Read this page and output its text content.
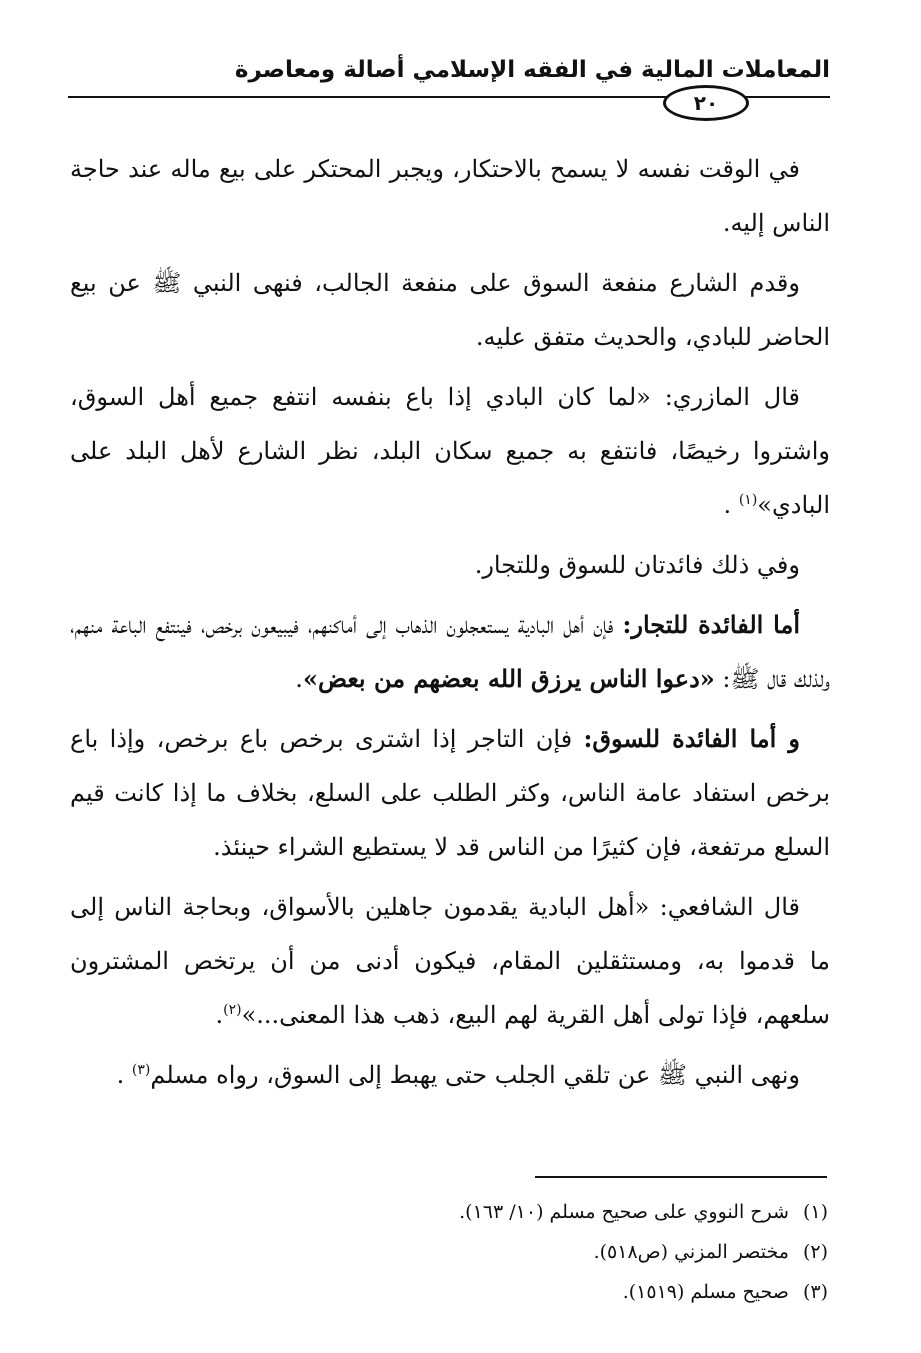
المعاملات المالية في الفقه الإسلامي أصالة ومعاصرة
٢٠

في الوقت نفسه لا يسمح بالاحتكار، ويجبر المحتكر على بيع ماله عند حاجة الناس إليه.

وقدم الشارع منفعة السوق على منفعة الجالب، فنهى النبي ﷺ عن بيع الحاضر للبادي، والحديث متفق عليه.

قال المازري: «لما كان البادي إذا باع بنفسه انتفع جميع أهل السوق، واشتروا رخيصًا، فانتفع به جميع سكان البلد، نظر الشارع لأهل البلد على البادي»$^{(١)}$ .

وفي ذلك فائدتان للسوق وللتجار.

أما الفائدة للتجار: فإن أهل البادية يستعجلون الذهاب إلى أماكنهم، فيبيعون برخص، فينتفع الباعة منهم، ولذلك قال ﷺ: «دعوا الناس يرزق الله بعضهم من بعض».

و أما الفائدة للسوق: فإن التاجر إذا اشترى برخص باع برخص، وإذا باع برخص استفاد عامة الناس، وكثر الطلب على السلع، بخلاف ما إذا كانت قيم السلع مرتفعة، فإن كثيرًا من الناس قد لا يستطيع الشراء حينئذ.

قال الشافعي: «أهل البادية يقدمون جاهلين بالأسواق، وبحاجة الناس إلى ما قدموا به، ومستثقلين المقام، فيكون أدنى من أن يرتخص المشترون سلعهم، فإذا تولى أهل القرية لهم البيع، ذهب هذا المعنى...»$^{(٢)}$.

ونهى النبي ﷺ عن تلقي الجلب حتى يهبط إلى السوق، رواه مسلم$^{(٣)}$ .

(١)شرح النووي على صحيح مسلم (١٠/ ١٦٣).
(٢)مختصر المزني (ص٥١٨).
(٣)صحيح مسلم (١٥١٩).
